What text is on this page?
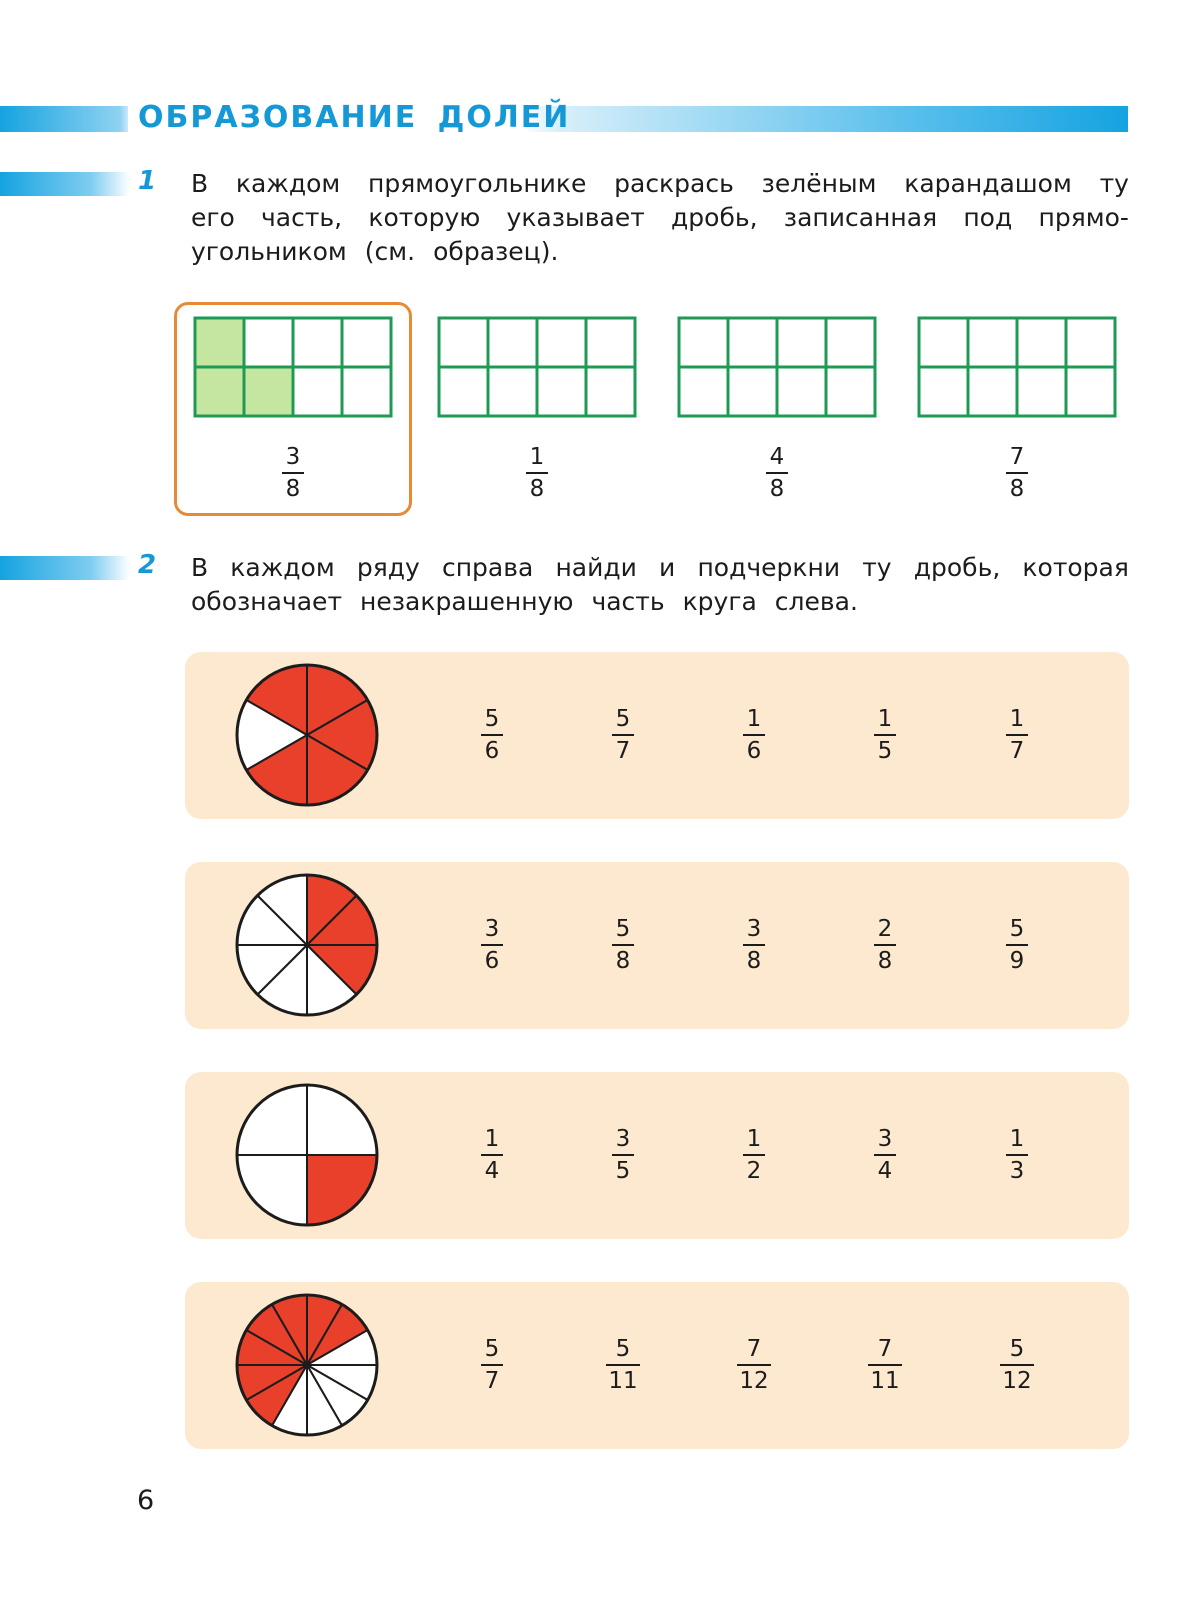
ОБРАЗОВАНИЕ ДОЛЕЙ
1 В каждом прямоугольнике раскрась зелёным карандашом ту
его часть, которую указывает дробь, записанная под прямо-
угольником (см. образец).
$\frac{3}{8}$	$\frac{1}{8}$	$\frac{4}{8}$	$\frac{7}{8}$
2 В каждом ряду справа найди и подчеркни ту дробь, которая
обозначает незакрашенную часть круга слева.
$\frac{5}{6}$	$\frac{5}{7}$	$\frac{1}{6}$	$\frac{1}{5}$	$\frac{1}{7}$
$\frac{3}{6}$	$\frac{5}{8}$	$\frac{3}{8}$	$\frac{2}{8}$	$\frac{5}{9}$
$\frac{1}{4}$	$\frac{3}{5}$	$\frac{1}{2}$	$\frac{3}{4}$	$\frac{1}{3}$
$\frac{5}{7}$	$\frac{5}{11}$	$\frac{7}{12}$	$\frac{7}{11}$	$\frac{5}{12}$
6
